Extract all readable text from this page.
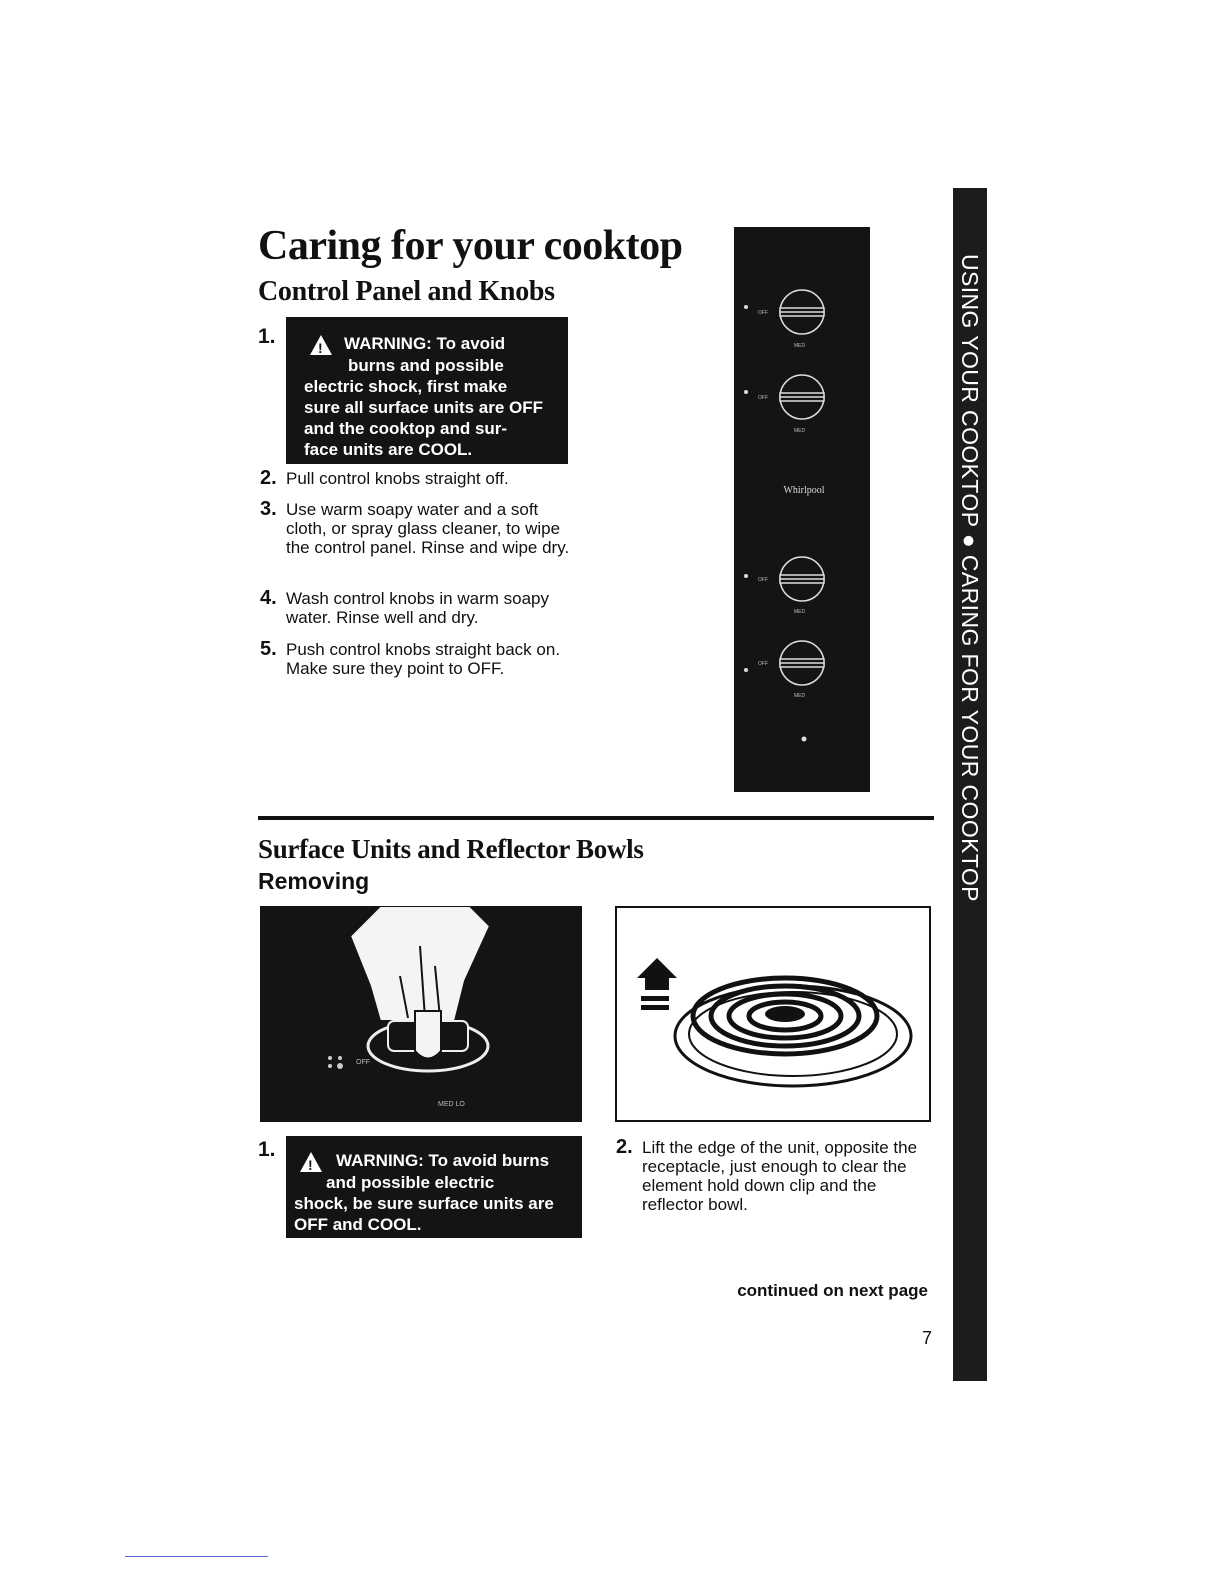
Caring for your cooktop
Control Panel and Knobs
1. !	WARNING: To avoid
burns and possible
electric shock, first make
sure all surface units are OFF
and the cooktop and sur-
face units are COOL.
2. Pull control knobs straight off.
3. Use warm soapy water and a soft cloth, or spray glass cleaner, to wipe the control panel. Rinse and wipe dry.
4. Wash control knobs in warm soapy water. Rinse well and dry.
5. Push control knobs straight back on. Make sure they point to OFF.
OFF
OFF
OFF
OFF
MED
MED
MED
MED
Whirlpool
Surface Units and Reflector Bowls
Removing
OFF
MED LO
1. !	WARNING: To avoid burns
and possible electric
shock, be sure surface units are
OFF and COOL.
2. Lift the edge of the unit, opposite the receptacle, just enough to clear the element hold down clip and the reflector bowl.
continued on next page
7
USING YOUR COOKTOP ● CARING FOR YOUR COOKTOP
